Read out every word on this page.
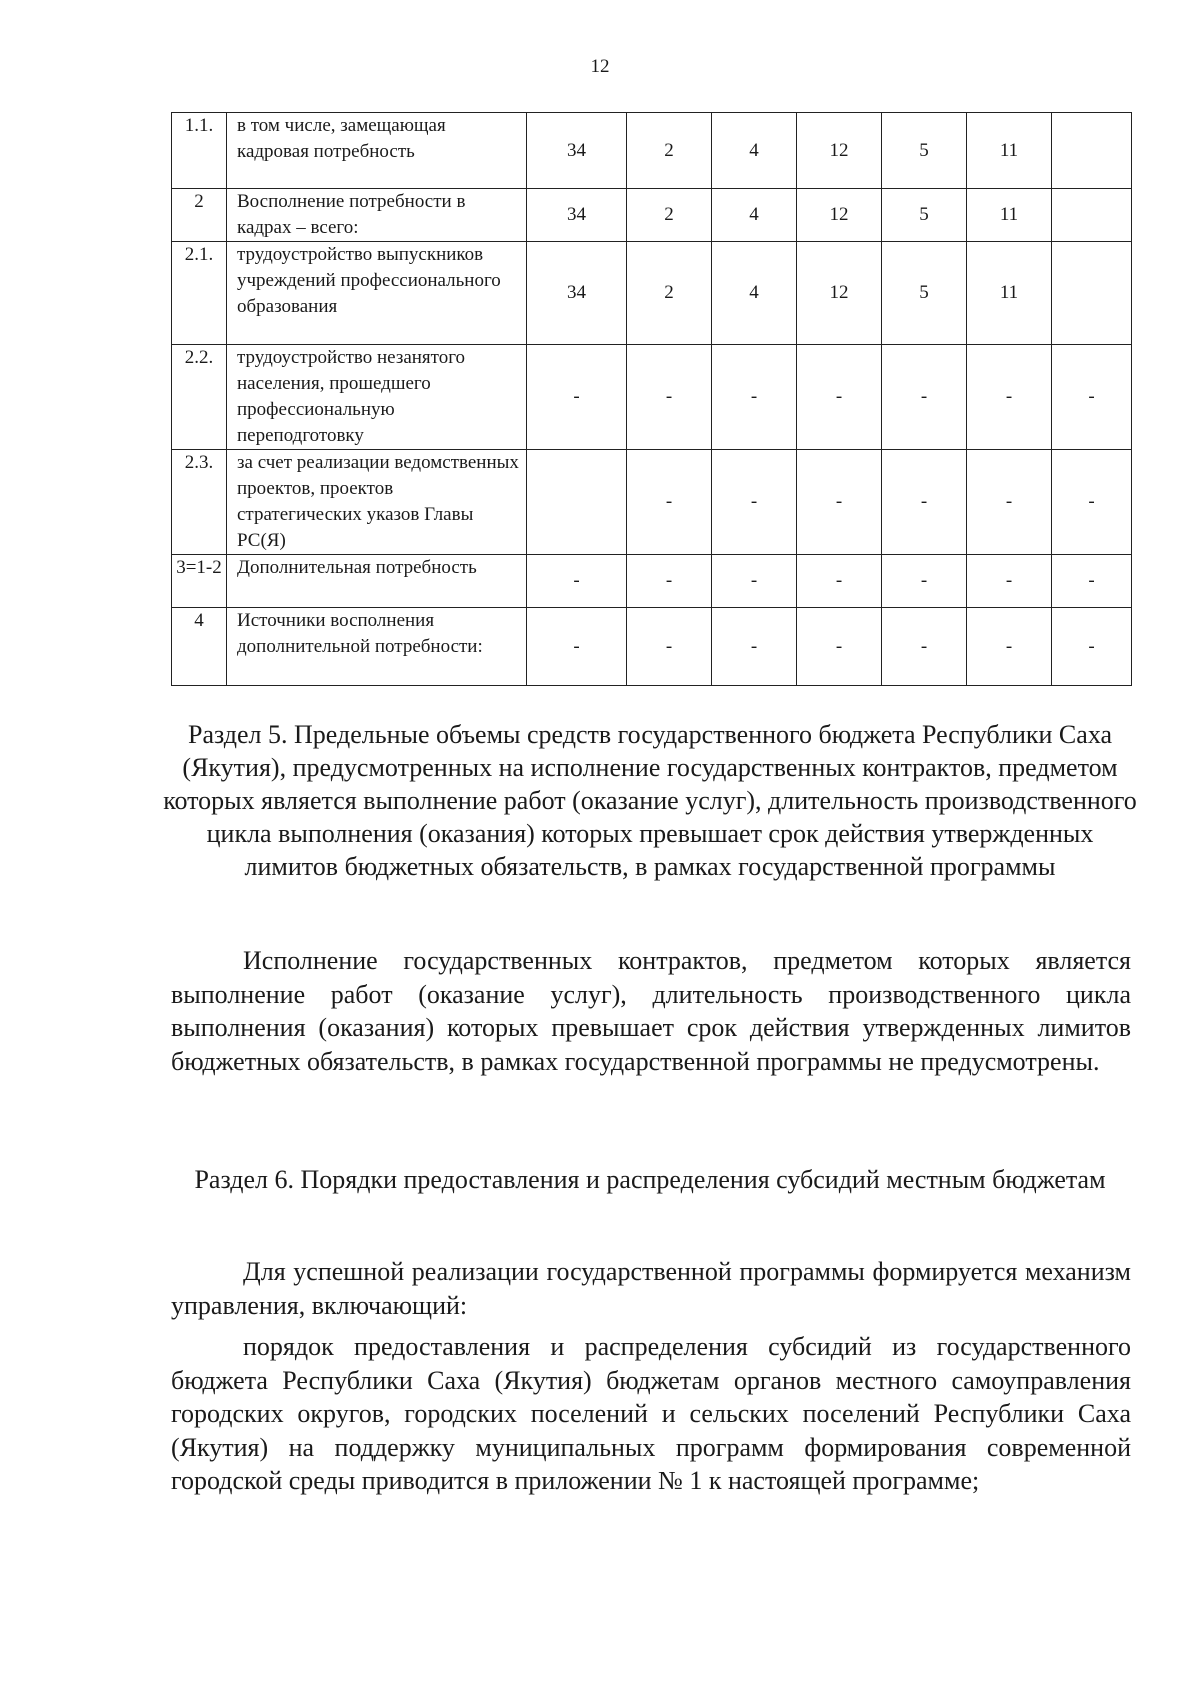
12
1.1.	в том числе, замещающая кадровая потребность	34	2	4	12	5	11	
2	Восполнение потребности в кадрах – всего:	34	2	4	12	5	11	
2.1.	трудоустройство выпускников учреждений профессионального образования	34	2	4	12	5	11	
2.2.	трудоустройство незанятого населения, прошедшего профессиональную переподготовку	-	-	-	-	-	-	-
2.3.	за счет реализации ведомственных проектов, проектов стратегических указов Главы РС(Я)		-	-	-	-	-	-
3=1-2	Дополнительная потребность	-	-	-	-	-	-	-
4	Источники восполнения дополнительной потребности:	-	-	-	-	-	-	-
Раздел 5. Предельные объемы средств государственного бюджета Республики Саха (Якутия), предусмотренных на исполнение государственных контрактов, предметом которых является выполнение работ (оказание услуг), длительность производственного цикла выполнения (оказания) которых превышает срок действия утвержденных лимитов бюджетных обязательств, в рамках государственной программы
Исполнение государственных контрактов, предметом которых является выполнение работ (оказание услуг), длительность производственного цикла выполнения (оказания) которых превышает срок действия утвержденных лимитов бюджетных обязательств, в рамках государственной программы не предусмотрены.
Раздел 6. Порядки предоставления и распределения субсидий местным бюджетам
Для успешной реализации государственной программы формируется механизм управления, включающий:
порядок предоставления и распределения субсидий из государственного бюджета Республики Саха (Якутия) бюджетам органов местного самоуправления городских округов, городских поселений и сельских поселений Республики Саха (Якутия) на поддержку муниципальных программ формирования современной городской среды приводится в приложении № 1 к настоящей программе;
